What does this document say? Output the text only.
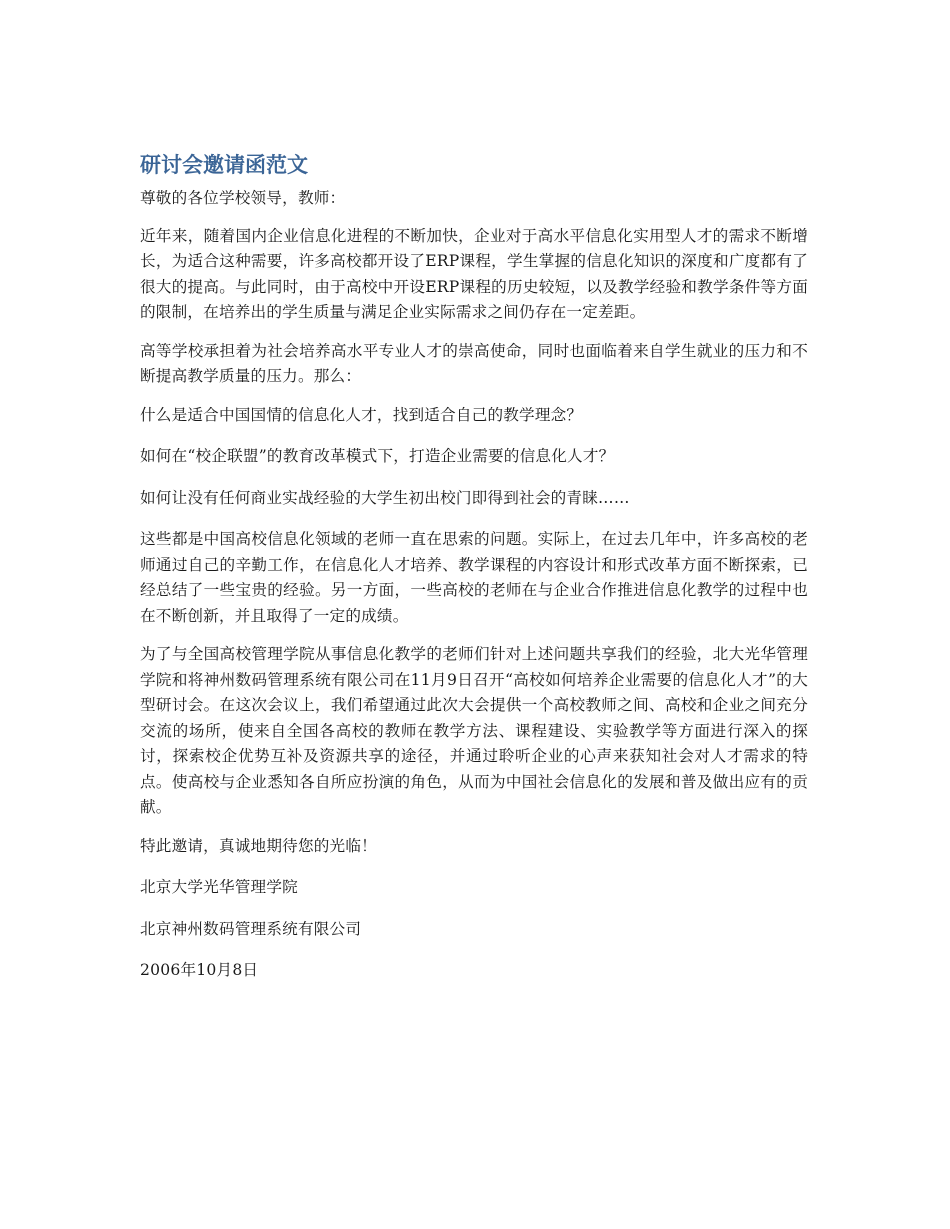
研讨会邀请函范文
尊敬的各位学校领导，教师：
近年来，随着国内企业信息化进程的不断加快，企业对于高水平信息化实用型人才的需求不断增长，为适合这种需要，许多高校都开设了ERP课程，学生掌握的信息化知识的深度和广度都有了很大的提高。与此同时，由于高校中开设ERP课程的历史较短，以及教学经验和教学条件等方面的限制，在培养出的学生质量与满足企业实际需求之间仍存在一定差距。
高等学校承担着为社会培养高水平专业人才的崇高使命，同时也面临着来自学生就业的压力和不断提高教学质量的压力。那么：
什么是适合中国国情的信息化人才，找到适合自己的教学理念？
如何在“校企联盟”的教育改革模式下，打造企业需要的信息化人才？
如何让没有任何商业实战经验的大学生初出校门即得到社会的青睐……
这些都是中国高校信息化领域的老师一直在思索的问题。实际上，在过去几年中，许多高校的老师通过自己的辛勤工作，在信息化人才培养、教学课程的内容设计和形式改革方面不断探索，已经总结了一些宝贵的经验。另一方面，一些高校的老师在与企业合作推进信息化教学的过程中也在不断创新，并且取得了一定的成绩。
为了与全国高校管理学院从事信息化教学的老师们针对上述问题共享我们的经验，北大光华管理学院和将神州数码管理系统有限公司在11月9日召开“高校如何培养企业需要的信息化人才”的大型研讨会。在这次会议上，我们希望通过此次大会提供一个高校教师之间、高校和企业之间充分交流的场所，使来自全国各高校的教师在教学方法、课程建设、实验教学等方面进行深入的探讨，探索校企优势互补及资源共享的途径，并通过聆听企业的心声来获知社会对人才需求的特点。使高校与企业悉知各自所应扮演的角色，从而为中国社会信息化的发展和普及做出应有的贡献。
特此邀请，真诚地期待您的光临！
北京大学光华管理学院
北京神州数码管理系统有限公司
2006年10月8日
